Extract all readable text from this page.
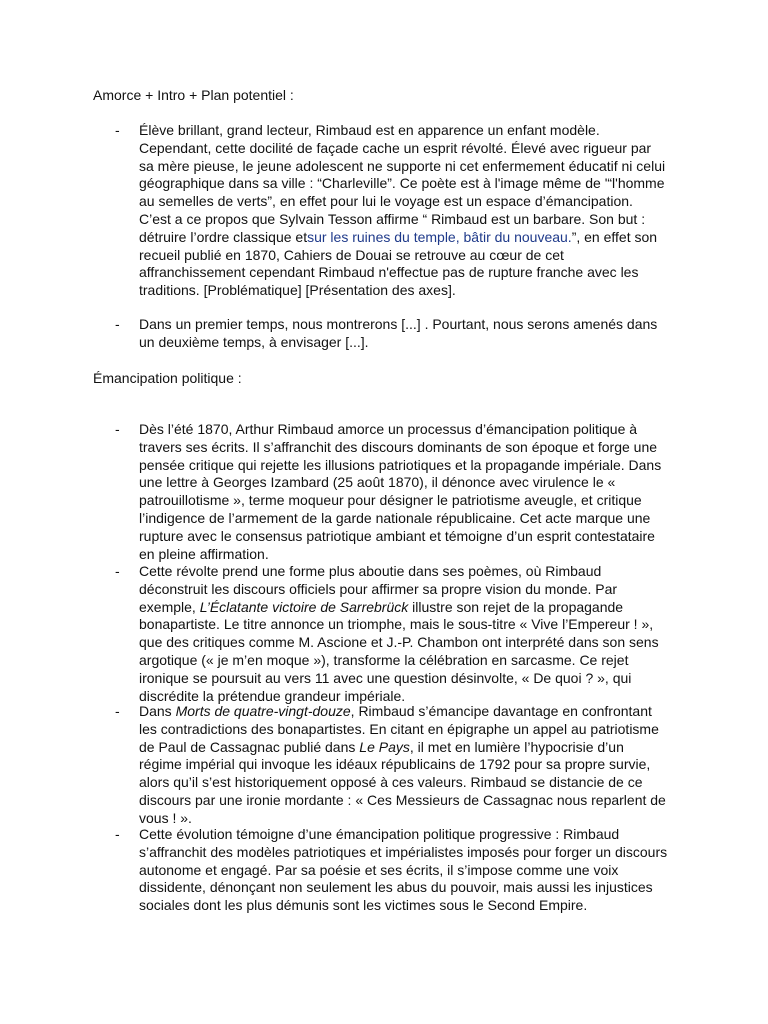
Amorce + Intro + Plan potentiel :

- Élève brillant, grand lecteur, Rimbaud est en apparence un enfant modèle.
Cependant, cette docilité de façade cache un esprit révolté. Élevé avec rigueur par
sa mère pieuse, le jeune adolescent ne supporte ni cet enfermement éducatif ni celui
géographique dans sa ville : “Charleville”. Ce poète est à l'image même de '“l'homme
au semelles de verts”, en effet pour lui le voyage est un espace d’émancipation.
C’est a ce propos que Sylvain Tesson affirme “ Rimbaud est un barbare. Son but :
détruire l’ordre classique etsur les ruines du temple, bâtir du nouveau.”, en effet son
recueil publié en 1870, Cahiers de Douai se retrouve au cœur de cet
affranchissement cependant Rimbaud n'effectue pas de rupture franche avec les
traditions. [Problématique] [Présentation des axes].
- Dans un premier temps, nous montrerons [...] . Pourtant, nous serons amenés dans
un deuxième temps, à envisager [...].

Émancipation politique :

- Dès l’été 1870, Arthur Rimbaud amorce un processus d’émancipation politique à
travers ses écrits. Il s’affranchit des discours dominants de son époque et forge une
pensée critique qui rejette les illusions patriotiques et la propagande impériale. Dans
une lettre à Georges Izambard (25 août 1870), il dénonce avec virulence le «
patrouillotisme », terme moqueur pour désigner le patriotisme aveugle, et critique
l’indigence de l’armement de la garde nationale républicaine. Cet acte marque une
rupture avec le consensus patriotique ambiant et témoigne d’un esprit contestataire
en pleine affirmation.
- Cette révolte prend une forme plus aboutie dans ses poèmes, où Rimbaud
déconstruit les discours officiels pour affirmer sa propre vision du monde. Par
exemple, L’Éclatante victoire de Sarrebrück illustre son rejet de la propagande
bonapartiste. Le titre annonce un triomphe, mais le sous-titre « Vive l’Empereur ! »,
que des critiques comme M. Ascione et J.-P. Chambon ont interprété dans son sens
argotique (« je m’en moque »), transforme la célébration en sarcasme. Ce rejet
ironique se poursuit au vers 11 avec une question désinvolte, « De quoi ? », qui
discrédite la prétendue grandeur impériale.
- Dans Morts de quatre-vingt-douze, Rimbaud s’émancipe davantage en confrontant
les contradictions des bonapartistes. En citant en épigraphe un appel au patriotisme
de Paul de Cassagnac publié dans Le Pays, il met en lumière l’hypocrisie d’un
régime impérial qui invoque les idéaux républicains de 1792 pour sa propre survie,
alors qu’il s’est historiquement opposé à ces valeurs. Rimbaud se distancie de ce
discours par une ironie mordante : « Ces Messieurs de Cassagnac nous reparlent de
vous ! ».
- Cette évolution témoigne d’une émancipation politique progressive : Rimbaud
s’affranchit des modèles patriotiques et impérialistes imposés pour forger un discours
autonome et engagé. Par sa poésie et ses écrits, il s’impose comme une voix
dissidente, dénonçant non seulement les abus du pouvoir, mais aussi les injustices
sociales dont les plus démunis sont les victimes sous le Second Empire.
